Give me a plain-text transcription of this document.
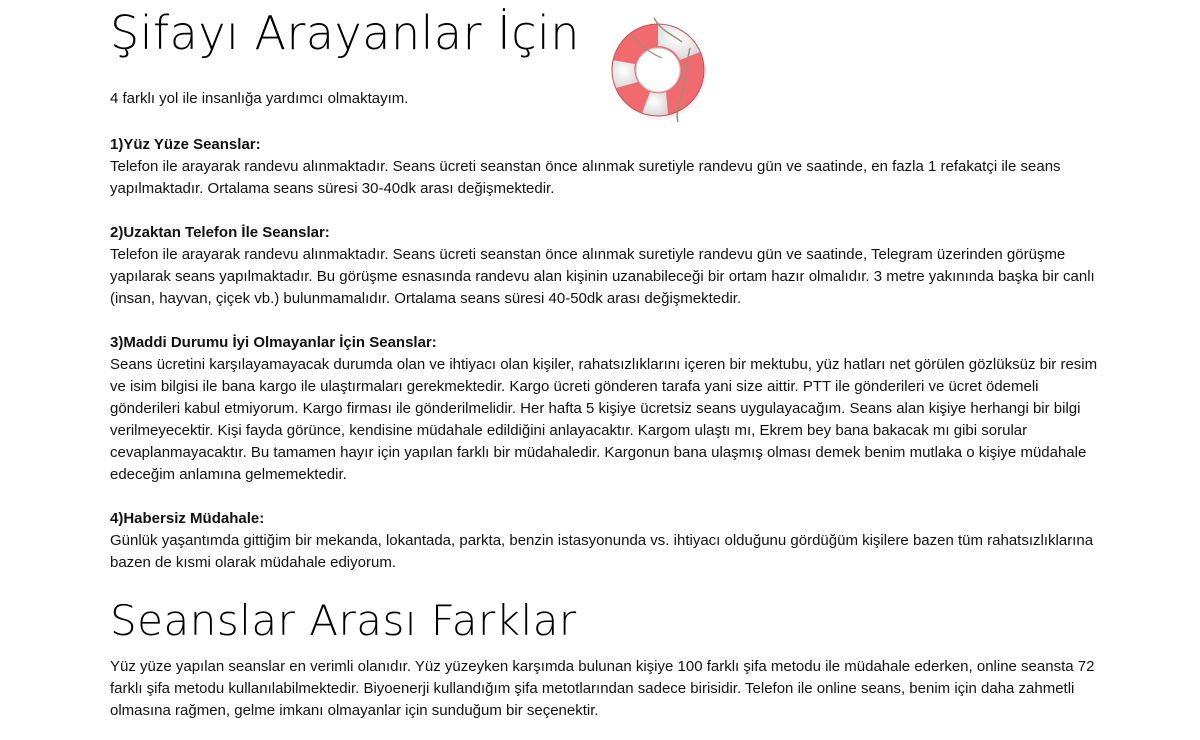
Şifayı Arayanlar İçin
4 farklı yol ile insanlığa yardımcı olmaktayım.
1)Yüz Yüze Seanslar:
Telefon ile arayarak randevu alınmaktadır. Seans ücreti seanstan önce alınmak suretiyle randevu gün ve saatinde, en fazla 1 refakatçi ile seans yapılmaktadır. Ortalama seans süresi 30-40dk arası değişmektedir.
2)Uzaktan Telefon İle Seanslar:
Telefon ile arayarak randevu alınmaktadır. Seans ücreti seanstan önce alınmak suretiyle randevu gün ve saatinde, Telegram üzerinden görüşme yapılarak seans yapılmaktadır. Bu görüşme esnasında randevu alan kişinin uzanabileceği bir ortam hazır olmalıdır. 3 metre yakınında başka bir canlı (insan, hayvan, çiçek vb.) bulunmamalıdır. Ortalama seans süresi 40-50dk arası değişmektedir.
3)Maddi Durumu İyi Olmayanlar İçin Seanslar:
Seans ücretini karşılayamayacak durumda olan ve ihtiyacı olan kişiler, rahatsızlıklarını içeren bir mektubu, yüz hatları net görülen gözlüksüz bir resim ve isim bilgisi ile bana kargo ile ulaştırmaları gerekmektedir. Kargo ücreti gönderen tarafa yani size aittir. PTT ile gönderileri ve ücret ödemeli gönderileri kabul etmiyorum. Kargo firması ile gönderilmelidir. Her hafta 5 kişiye ücretsiz seans uygulayacağım. Seans alan kişiye herhangi bir bilgi verilmeyecektir. Kişi fayda görünce, kendisine müdahale edildiğini anlayacaktır. Kargom ulaştı mı, Ekrem bey bana bakacak mı gibi sorular cevaplanmayacaktır. Bu tamamen hayır için yapılan farklı bir müdahaledir. Kargonun bana ulaşmış olması demek benim mutlaka o kişiye müdahale edeceğim anlamına gelmemektedir.
4)Habersiz Müdahale:
Günlük yaşantımda gittiğim bir mekanda, lokantada, parkta, benzin istasyonunda vs. ihtiyacı olduğunu gördüğüm kişilere bazen tüm rahatsızlıklarına bazen de kısmi olarak müdahale ediyorum.
Seanslar Arası Farklar
Yüz yüze yapılan seanslar en verimli olanıdır. Yüz yüzeyken karşımda bulunan kişiye 100 farklı şifa metodu ile müdahale ederken, online seansta 72 farklı şifa metodu kullanılabilmektedir. Biyoenerji kullandığım şifa metotlarından sadece birisidir. Telefon ile online seans, benim için daha zahmetli olmasına rağmen, gelme imkanı olmayanlar için sunduğum bir seçenektir.
